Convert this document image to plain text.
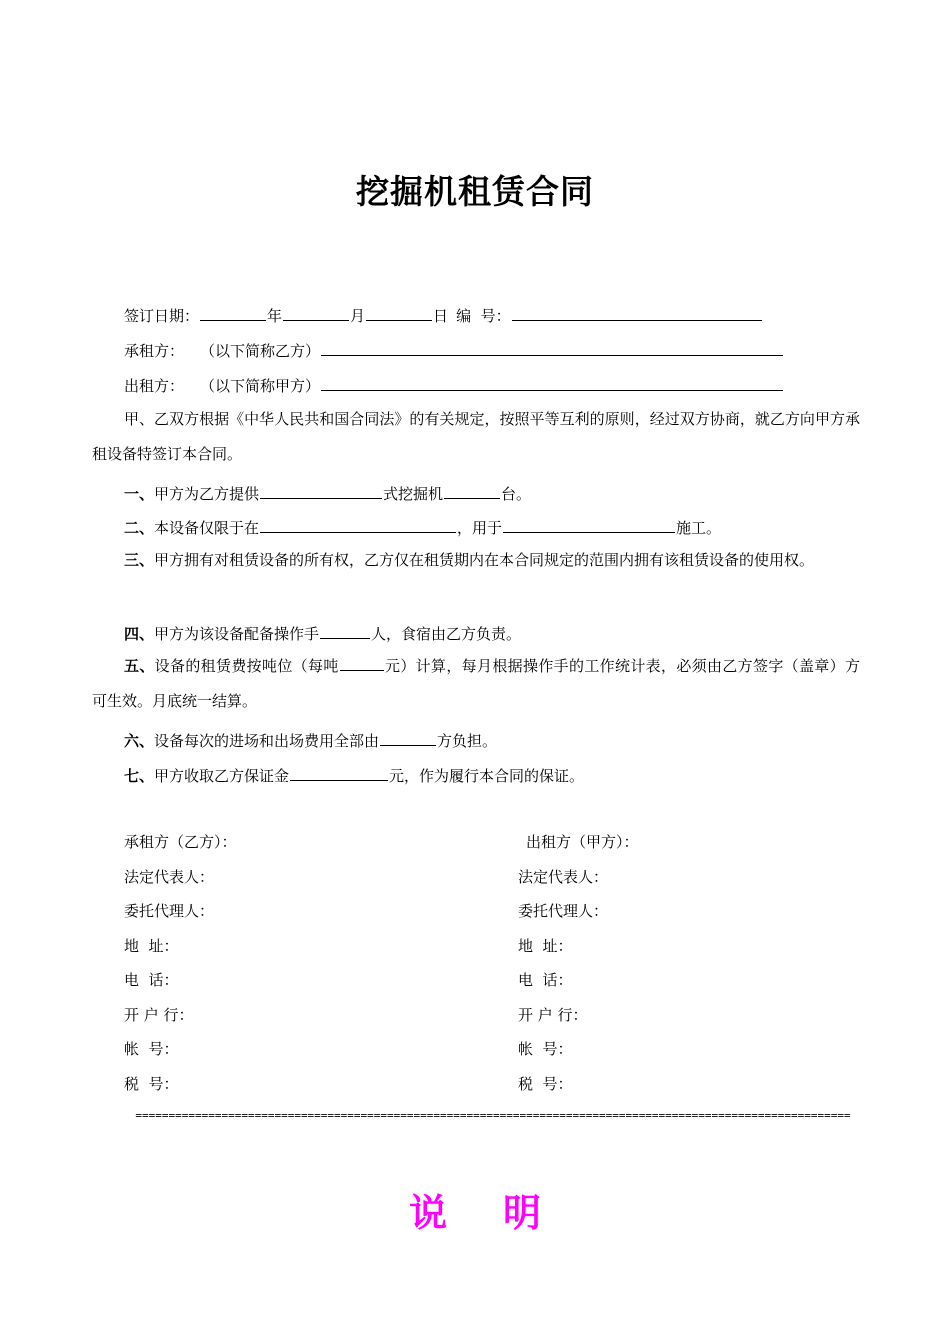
挖掘机租赁合同
签订日期：	年	月	日 编  号：
承租方： （以下简称乙方）
出租方： （以下简称甲方）
甲、乙双方根据《中华人民共和国合同法》的有关规定，按照平等互利的原则，经过双方协商，就乙方向甲方承租设备特签订本合同。
一、甲方为乙方提供	式挖掘机	台。
二、本设备仅限于在	，用于	施工。
三、甲方拥有对租赁设备的所有权，乙方仅在租赁期内在本合同规定的范围内拥有该租赁设备的使用权。
四、甲方为该设备配备操作手	人，食宿由乙方负责。
五、设备的租赁费按吨位（每吨	元）计算，每月根据操作手的工作统计表，必须由乙方签字（盖章）方可生效。月底统一结算。
六、设备每次的进场和出场费用全部由	方负担。
七、甲方收取乙方保证金	元，作为履行本合同的保证。
承租方（乙方）：	出租方（甲方）：
法定代表人：	法定代表人：
委托代理人：	委托代理人：
地  址：	地  址：
电  话：	电  话：
开 户 行：	开 户 行：
帐  号：	帐  号：
税  号：	税  号：
============================================================================================================
说明
